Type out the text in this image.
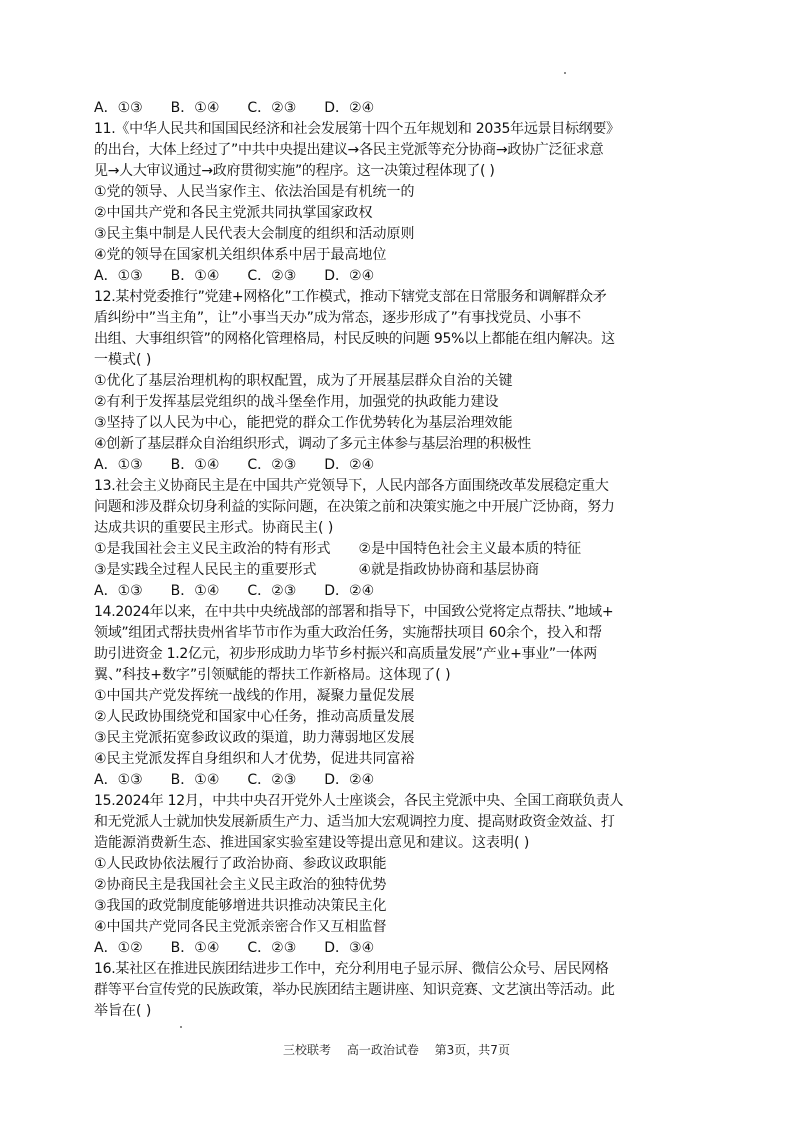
A．①③　　B．①④　　C．②③　　D．②④
11.《中华人民共和国国民经济和社会发展第十四个五年规划和 2035年远景目标纲要》
的出台，大体上经过了”中共中央提出建议→各民主党派等充分协商→政协广泛征求意
见→人大审议通过→政府贯彻实施”的程序。这一决策过程体现了( )
①党的领导、人民当家作主、依法治国是有机统一的
②中国共产党和各民主党派共同执掌国家政权
③民主集中制是人民代表大会制度的组织和活动原则
④党的领导在国家机关组织体系中居于最高地位
A．①③　　B．①④　　C．②③　　D．②④
12.某村党委推行”党建+网格化”工作模式，推动下辖党支部在日常服务和调解群众矛
盾纠纷中”当主角”，让”小事当天办”成为常态，逐步形成了”有事找党员、小事不
出组、大事组织管”的网格化管理格局，村民反映的问题 95%以上都能在组内解决。这
一模式( )
①优化了基层治理机构的职权配置，成为了开展基层群众自治的关键
②有利于发挥基层党组织的战斗堡垒作用，加强党的执政能力建设
③坚持了以人民为中心，能把党的群众工作优势转化为基层治理效能
④创新了基层群众自治组织形式，调动了多元主体参与基层治理的积极性
A．①③　　B．①④　　C．②③　　D．②④
13.社会主义协商民主是在中国共产党领导下，人民内部各方面围绕改革发展稳定重大
问题和涉及群众切身利益的实际问题，在决策之前和决策实施之中开展广泛协商，努力
达成共识的重要民主形式。协商民主( )
①是我国社会主义民主政治的特有形式　　②是中国特色社会主义最本质的特征
③是实践全过程人民民主的重要形式　　　④就是指政协协商和基层协商
A．①③　　B．①④　　C．②③　　D．②④
14.2024年以来，在中共中央统战部的部署和指导下，中国致公党将定点帮扶、”地域+
领域”组团式帮扶贵州省毕节市作为重大政治任务，实施帮扶项目 60余个，投入和帮
助引进资金 1.2亿元，初步形成助力毕节乡村振兴和高质量发展”产业+事业”一体两
翼、”科技+数字”引领赋能的帮扶工作新格局。这体现了( )
①中国共产党发挥统一战线的作用，凝聚力量促发展
②人民政协围绕党和国家中心任务，推动高质量发展
③民主党派拓宽参政议政的渠道，助力薄弱地区发展
④民主党派发挥自身组织和人才优势，促进共同富裕
A．①③　　B．①④　　C．②③　　D．②④
15.2024年 12月，中共中央召开党外人士座谈会，各民主党派中央、全国工商联负责人
和无党派人士就加快发展新质生产力、适当加大宏观调控力度、提高财政资金效益、打
造能源消费新生态、推进国家实验室建设等提出意见和建议。这表明( )
①人民政协依法履行了政治协商、参政议政职能
②协商民主是我国社会主义民主政治的独特优势
③我国的政党制度能够增进共识推动决策民主化
④中国共产党同各民主党派亲密合作又互相监督
A．①②　　B．①④　　C．②③　　D．③④
16.某社区在推进民族团结进步工作中，充分利用电子显示屏、微信公众号、居民网格
群等平台宣传党的民族政策，举办民族团结主题讲座、知识竞赛、文艺演出等活动。此
举旨在( )
三校联考　 高一政治试卷　 第3页，共7页
